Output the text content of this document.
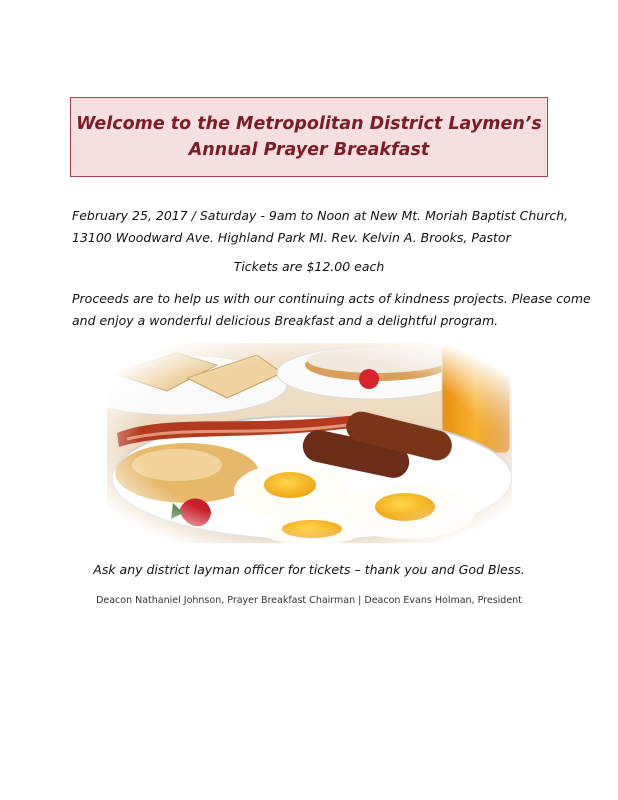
Welcome to the Metropolitan District Laymen’s
Annual Prayer Breakfast
February 25, 2017 / Saturday - 9am to Noon at New Mt. Moriah Baptist Church,
13100 Woodward Ave. Highland Park MI. Rev. Kelvin A. Brooks, Pastor
Tickets are $12.00 each
Proceeds are to help us with our continuing acts of kindness projects. Please come
and enjoy a wonderful delicious Breakfast and a delightful program.
Ask any district layman officer for tickets – thank you and God Bless.
Deacon Nathaniel Johnson, Prayer Breakfast Chairman | Deacon Evans Holman, President
